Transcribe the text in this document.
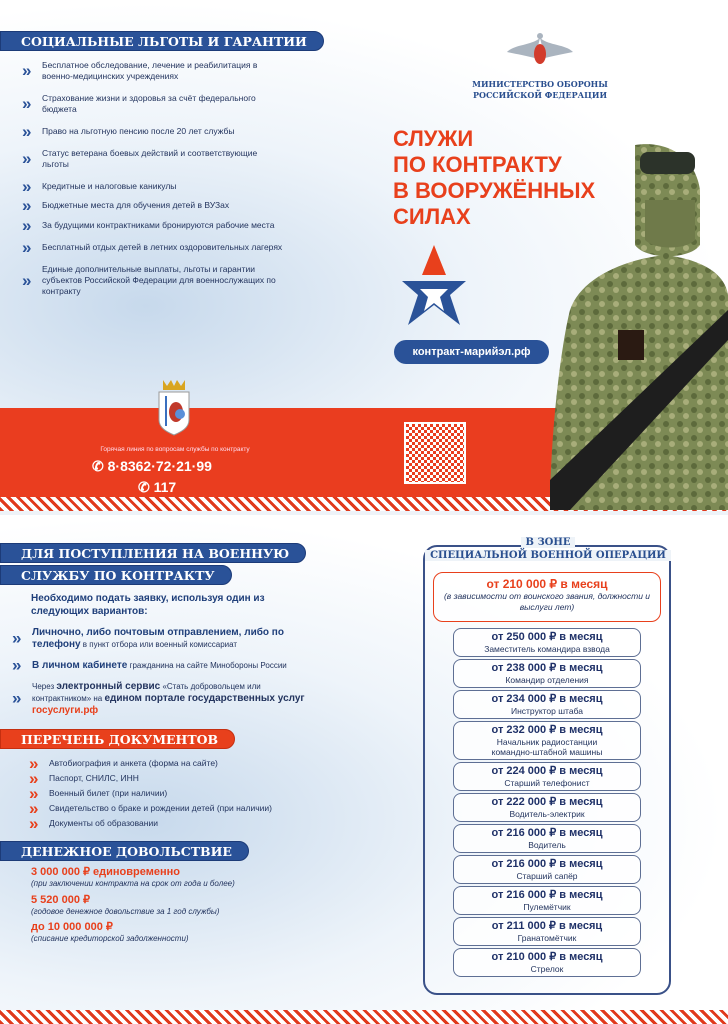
СОЦИАЛЬНЫЕ ЛЬГОТЫ И ГАРАНТИИ
» Бесплатное обследование, лечение и реабилитация в военно-медицинских учреждениях
» Страхование жизни и здоровья за счёт федерального бюджета
» Право на льготную пенсию после 20 лет службы
» Статус ветерана боевых действий и соответствующие льготы
» Кредитные и налоговые каникулы
» Бюджетные места для обучения детей в ВУЗах
» За будущими контрактниками бронируются рабочие места
» Бесплатный отдых детей в летних оздоровительных лагерях
» Единые дополнительные выплаты, льготы и гарантии субъектов Российской Федерации для военнослужащих по контракту
Горячая линия по вопросам службы по контракту
✆ 8·8362·72·21·99
✆ 117
МИНИСТЕРСТВО ОБОРОНЫ
РОССИЙСКОЙ ФЕДЕРАЦИИ
СЛУЖИ
ПО КОНТРАКТУ
В ВООРУЖЁННЫХ
СИЛАХ
контракт-марийэл.рф
ДЛЯ ПОСТУПЛЕНИЯ НА ВОЕННУЮ
СЛУЖБУ ПО КОНТРАКТУ
Необходимо подать заявку, используя один из следующих вариантов:
» Личночно, либо почтовым отправлением, либо по телефону в пункт отбора или военный комиссариат
» В личном кабинете гражданина на сайте Минобороны России
» Через электронный сервис «Стать добровольцем или контрактником» на едином портале государственных услуг госуслуги.рф
ПЕРЕЧЕНЬ ДОКУМЕНТОВ
» Автобиография и анкета (форма на сайте)
» Паспорт, СНИЛС, ИНН
» Военный билет (при наличии)
» Свидетельство о браке и рождении детей (при наличии)
» Документы об образовании
ДЕНЕЖНОЕ ДОВОЛЬСТВИЕ
3 000 000 ₽ единовременно
(при заключении контракта на срок от года и более)
5 520 000 ₽
(годовое денежное довольствие за 1 год службы)
до 10 000 000 ₽
(списание кредиторской задолженности)
В ЗОНЕ
СПЕЦИАЛЬНОЙ ВОЕННОЙ ОПЕРАЦИИ
от 210 000 ₽ в месяц
(в зависимости от воинского звания, должности и выслуги лет)
от 250 000 ₽ в месяц
Заместитель командира взвода
от 238 000 ₽ в месяц
Командир отделения
от 234 000 ₽ в месяц
Инструктор штаба
от 232 000 ₽ в месяц
Начальник радиостанции командно-штабной машины
от 224 000 ₽ в месяц
Старший телефонист
от 222 000 ₽ в месяц
Водитель-электрик
от 216 000 ₽ в месяц
Водитель
от 216 000 ₽ в месяц
Старший сапёр
от 216 000 ₽ в месяц
Пулемётчик
от 211 000 ₽ в месяц
Гранатомётчик
от 210 000 ₽ в месяц
Стрелок
